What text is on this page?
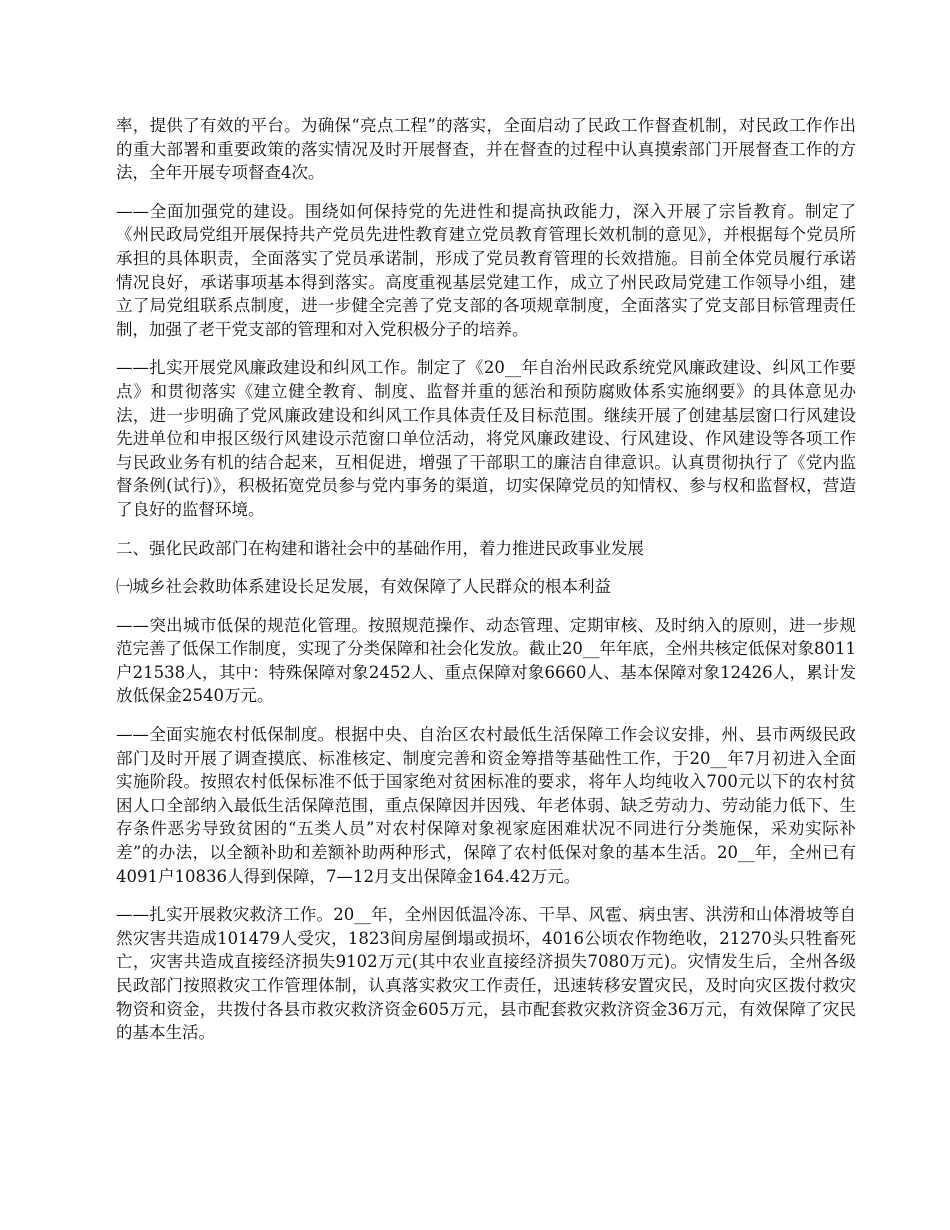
率，提供了有效的平台。为确保“亮点工程”的落实，全面启动了民政工作督查机制，对民政工作作出的重大部署和重要政策的落实情况及时开展督查，并在督查的过程中认真摸索部门开展督查工作的方法，全年开展专项督查4次。

——全面加强党的建设。围绕如何保持党的先进性和提高执政能力，深入开展了宗旨教育。制定了《州民政局党组开展保持共产党员先进性教育建立党员教育管理长效机制的意见》，并根据每个党员所承担的具体职责，全面落实了党员承诺制，形成了党员教育管理的长效措施。目前全体党员履行承诺情况良好，承诺事项基本得到落实。高度重视基层党建工作，成立了州民政局党建工作领导小组，建立了局党组联系点制度，进一步健全完善了党支部的各项规章制度，全面落实了党支部目标管理责任制，加强了老干党支部的管理和对入党积极分子的培养。

——扎实开展党风廉政建设和纠风工作。制定了《20__年自治州民政系统党风廉政建设、纠风工作要点》和贯彻落实《建立健全教育、制度、监督并重的惩治和预防腐败体系实施纲要》的具体意见办法，进一步明确了党风廉政建设和纠风工作具体责任及目标范围。继续开展了创建基层窗口行风建设先进单位和申报区级行风建设示范窗口单位活动，将党风廉政建设、行风建设、作风建设等各项工作与民政业务有机的结合起来，互相促进，增强了干部职工的廉洁自律意识。认真贯彻执行了《党内监督条例(试行)》，积极拓宽党员参与党内事务的渠道，切实保障党员的知情权、参与权和监督权，营造了良好的监督环境。

二、强化民政部门在构建和谐社会中的基础作用，着力推进民政事业发展

㈠城乡社会救助体系建设长足发展，有效保障了人民群众的根本利益

——突出城市低保的规范化管理。按照规范操作、动态管理、定期审核、及时纳入的原则，进一步规范完善了低保工作制度，实现了分类保障和社会化发放。截止20__年年底，全州共核定低保对象8011户21538人，其中：特殊保障对象2452人、重点保障对象6660人、基本保障对象12426人，累计发放低保金2540万元。

——全面实施农村低保制度。根据中央、自治区农村最低生活保障工作会议安排，州、县市两级民政部门及时开展了调查摸底、标准核定、制度完善和资金筹措等基础性工作，于20__年7月初进入全面实施阶段。按照农村低保标准不低于国家绝对贫困标准的要求，将年人均纯收入700元以下的农村贫困人口全部纳入最低生活保障范围，重点保障因并因残、年老体弱、缺乏劳动力、劳动能力低下、生存条件恶劣导致贫困的“五类人员”对农村保障对象视家庭困难状况不同进行分类施保，采劝实际补差”的办法，以全额补助和差额补助两种形式，保障了农村低保对象的基本生活。20__年，全州已有4091户10836人得到保障，7—12月支出保障金164.42万元。

——扎实开展救灾救济工作。20__年，全州因低温冷冻、干旱、风雹、病虫害、洪涝和山体滑坡等自然灾害共造成101479人受灾，1823间房屋倒塌或损坏，4016公顷农作物绝收，21270头只牲畜死亡，灾害共造成直接经济损失9102万元(其中农业直接经济损失7080万元)。灾情发生后，全州各级民政部门按照救灾工作管理体制，认真落实救灾工作责任，迅速转移安置灾民，及时向灾区拨付救灾物资和资金，共拨付各县市救灾救济资金605万元，县市配套救灾救济资金36万元，有效保障了灾民的基本生活。
